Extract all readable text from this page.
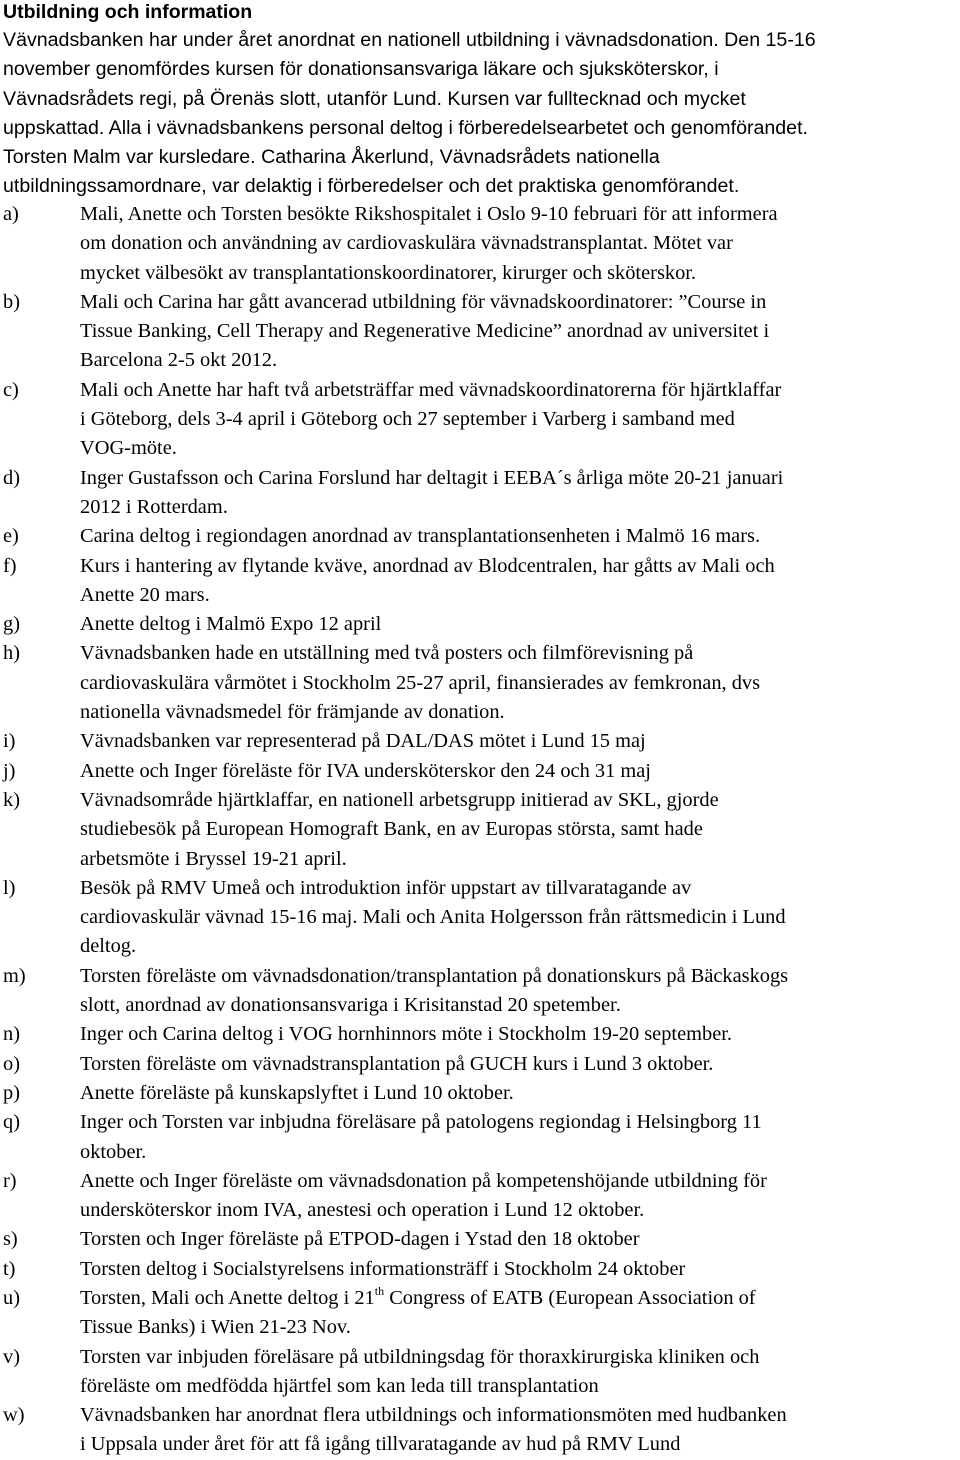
Utbildning och information
Vävnadsbanken har under året anordnat en nationell utbildning i vävnadsdonation. Den 15-16
november genomfördes kursen för donationsansvariga läkare och sjuksköterskor, i
Vävnadsrådets regi, på Örenäs slott, utanför Lund. Kursen var fulltecknad och mycket
uppskattad. Alla i vävnadsbankens personal deltog i förberedelsearbetet och genomförandet.
Torsten Malm var kursledare. Catharina Åkerlund, Vävnadsrådets nationella
utbildningssamordnare, var delaktig i förberedelser och det praktiska genomförandet.
a)	Mali, Anette och Torsten besökte Rikshospitalet i Oslo 9-10 februari för att informera
om donation och användning av cardiovaskulära vävnadstransplantat. Mötet var
mycket välbesökt av transplantationskoordinatorer, kirurger och sköterskor.
b)	Mali och Carina har gått avancerad utbildning för vävnadskoordinatorer: ”Course in
Tissue Banking, Cell Therapy and Regenerative Medicine” anordnad av universitet i
Barcelona 2-5 okt 2012.
c)	Mali och Anette har haft två arbetsträffar med vävnadskoordinatorerna för hjärtklaffar
i Göteborg, dels 3-4 april i Göteborg och 27 september i Varberg i samband med
VOG-möte.
d)	Inger Gustafsson och Carina Forslund har deltagit i EEBA´s årliga möte 20-21 januari
2012 i Rotterdam.
e)	Carina deltog i regiondagen anordnad av transplantationsenheten i Malmö 16 mars.
f)	Kurs i hantering av flytande kväve, anordnad av Blodcentralen, har gåtts av Mali och
Anette 20 mars.
g)	Anette deltog i Malmö Expo 12 april
h)	Vävnadsbanken hade en utställning med två posters och filmförevisning på
cardiovaskulära vårmötet i Stockholm 25-27 april, finansierades av femkronan, dvs
nationella vävnadsmedel för främjande av donation.
i)	Vävnadsbanken var representerad på DAL/DAS mötet i Lund 15 maj
j)	Anette och Inger föreläste för IVA undersköterskor den 24 och 31 maj
k)	Vävnadsområde hjärtklaffar, en nationell arbetsgrupp initierad av SKL, gjorde
studiebesök på European Homograft Bank, en av Europas största, samt hade
arbetsmöte i Bryssel 19-21 april.
l)	Besök på RMV Umeå och introduktion inför uppstart av tillvaratagande av
cardiovaskulär vävnad 15-16 maj. Mali och Anita Holgersson från rättsmedicin i Lund
deltog.
m)	Torsten föreläste om vävnadsdonation/transplantation på donationskurs på Bäckaskogs
slott, anordnad av donationsansvariga i Krisitanstad 20 spetember.
n)	Inger och Carina deltog i VOG hornhinnors möte i Stockholm 19-20 september.
o)	Torsten föreläste om vävnadstransplantation på GUCH kurs i Lund 3 oktober.
p)	Anette föreläste på kunskapslyftet i Lund 10 oktober.
q)	Inger och Torsten var inbjudna föreläsare på patologens regiondag i Helsingborg 11
oktober.
r)	Anette och Inger föreläste om vävnadsdonation på kompetenshöjande utbildning för
undersköterskor inom IVA, anestesi och operation i Lund 12 oktober.
s)	Torsten och Inger föreläste på ETPOD-dagen i Ystad den 18 oktober
t)	Torsten deltog i Socialstyrelsens informationsträff i Stockholm 24 oktober
u)	Torsten, Mali och Anette deltog i 21th Congress of EATB (European Association of
Tissue Banks) i Wien 21-23 Nov.
v)	Torsten var inbjuden föreläsare på utbildningsdag för thoraxkirurgiska kliniken och
föreläste om medfödda hjärtfel som kan leda till transplantation
w)	Vävnadsbanken har anordnat flera utbildnings och informationsmöten med hudbanken
i Uppsala under året för att få igång tillvaratagande av hud på RMV Lund
